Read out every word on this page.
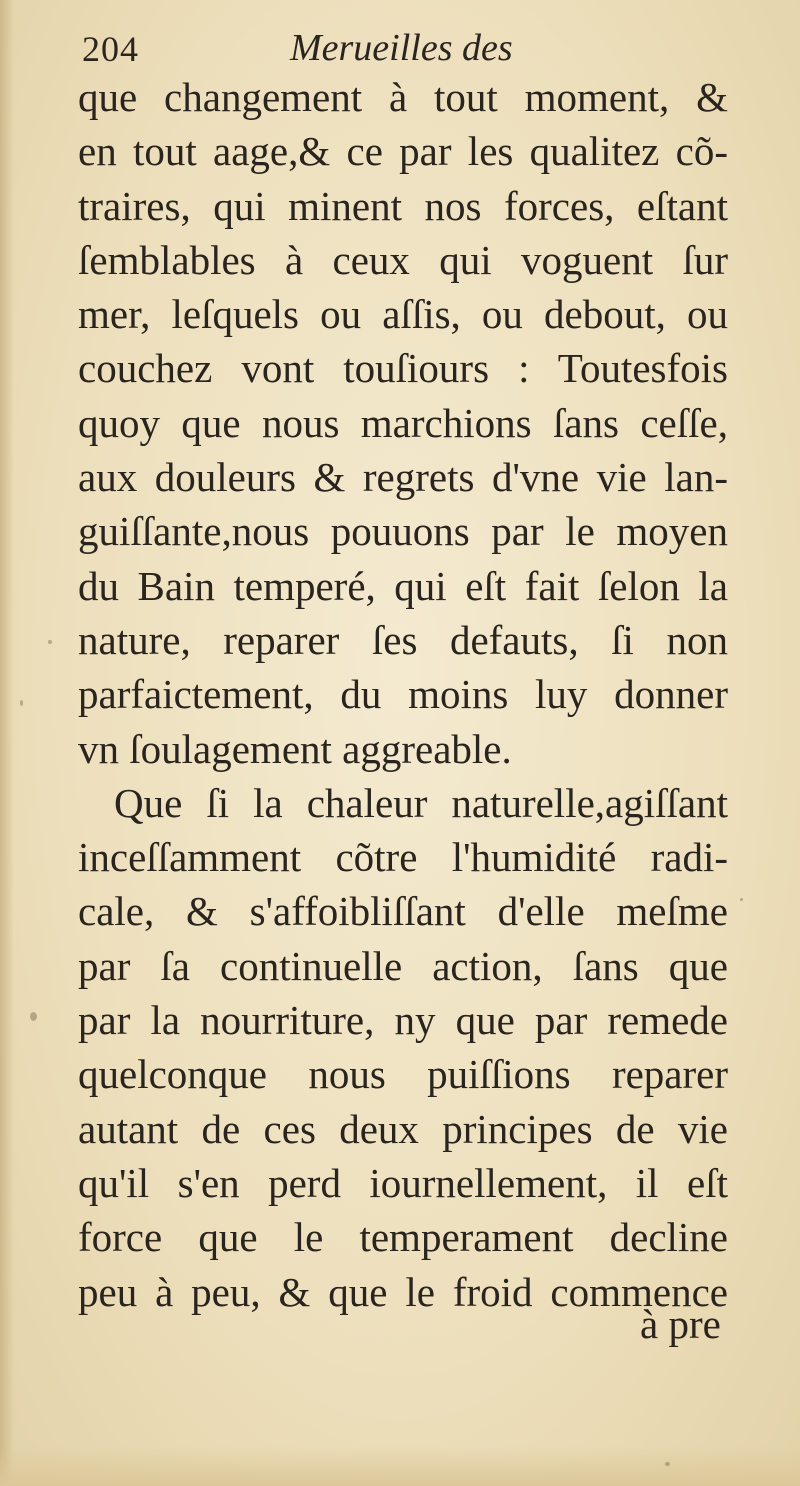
204	Merueilles des
que changement à tout moment, &
en tout aage,& ce par les qualitez cõ-
traires, qui minent nos forces, eſtant
ſemblables à ceux qui voguent ſur
mer, leſquels ou aſſis, ou debout, ou
couchez vont touſiours : Toutesfois
quoy que nous marchions ſans ceſſe,
aux douleurs & regrets d'vne vie lan-
guiſſante,nous pouuons par le moyen
du Bain temperé, qui eſt fait ſelon la
nature, reparer ſes defauts, ſi non
parfaictement, du moins luy donner
vn ſoulagement aggreable.
Que ſi la chaleur naturelle,agiſſant
inceſſamment cõtre l'humidité radi-
cale, & s'affoibliſſant d'elle meſme
par ſa continuelle action, ſans que
par la nourriture, ny que par remede
quelconque nous puiſſions reparer
autant de ces deux principes de vie
qu'il s'en perd iournellement, il eſt
force que le temperament decline
peu à peu, & que le froid commence
à pre
